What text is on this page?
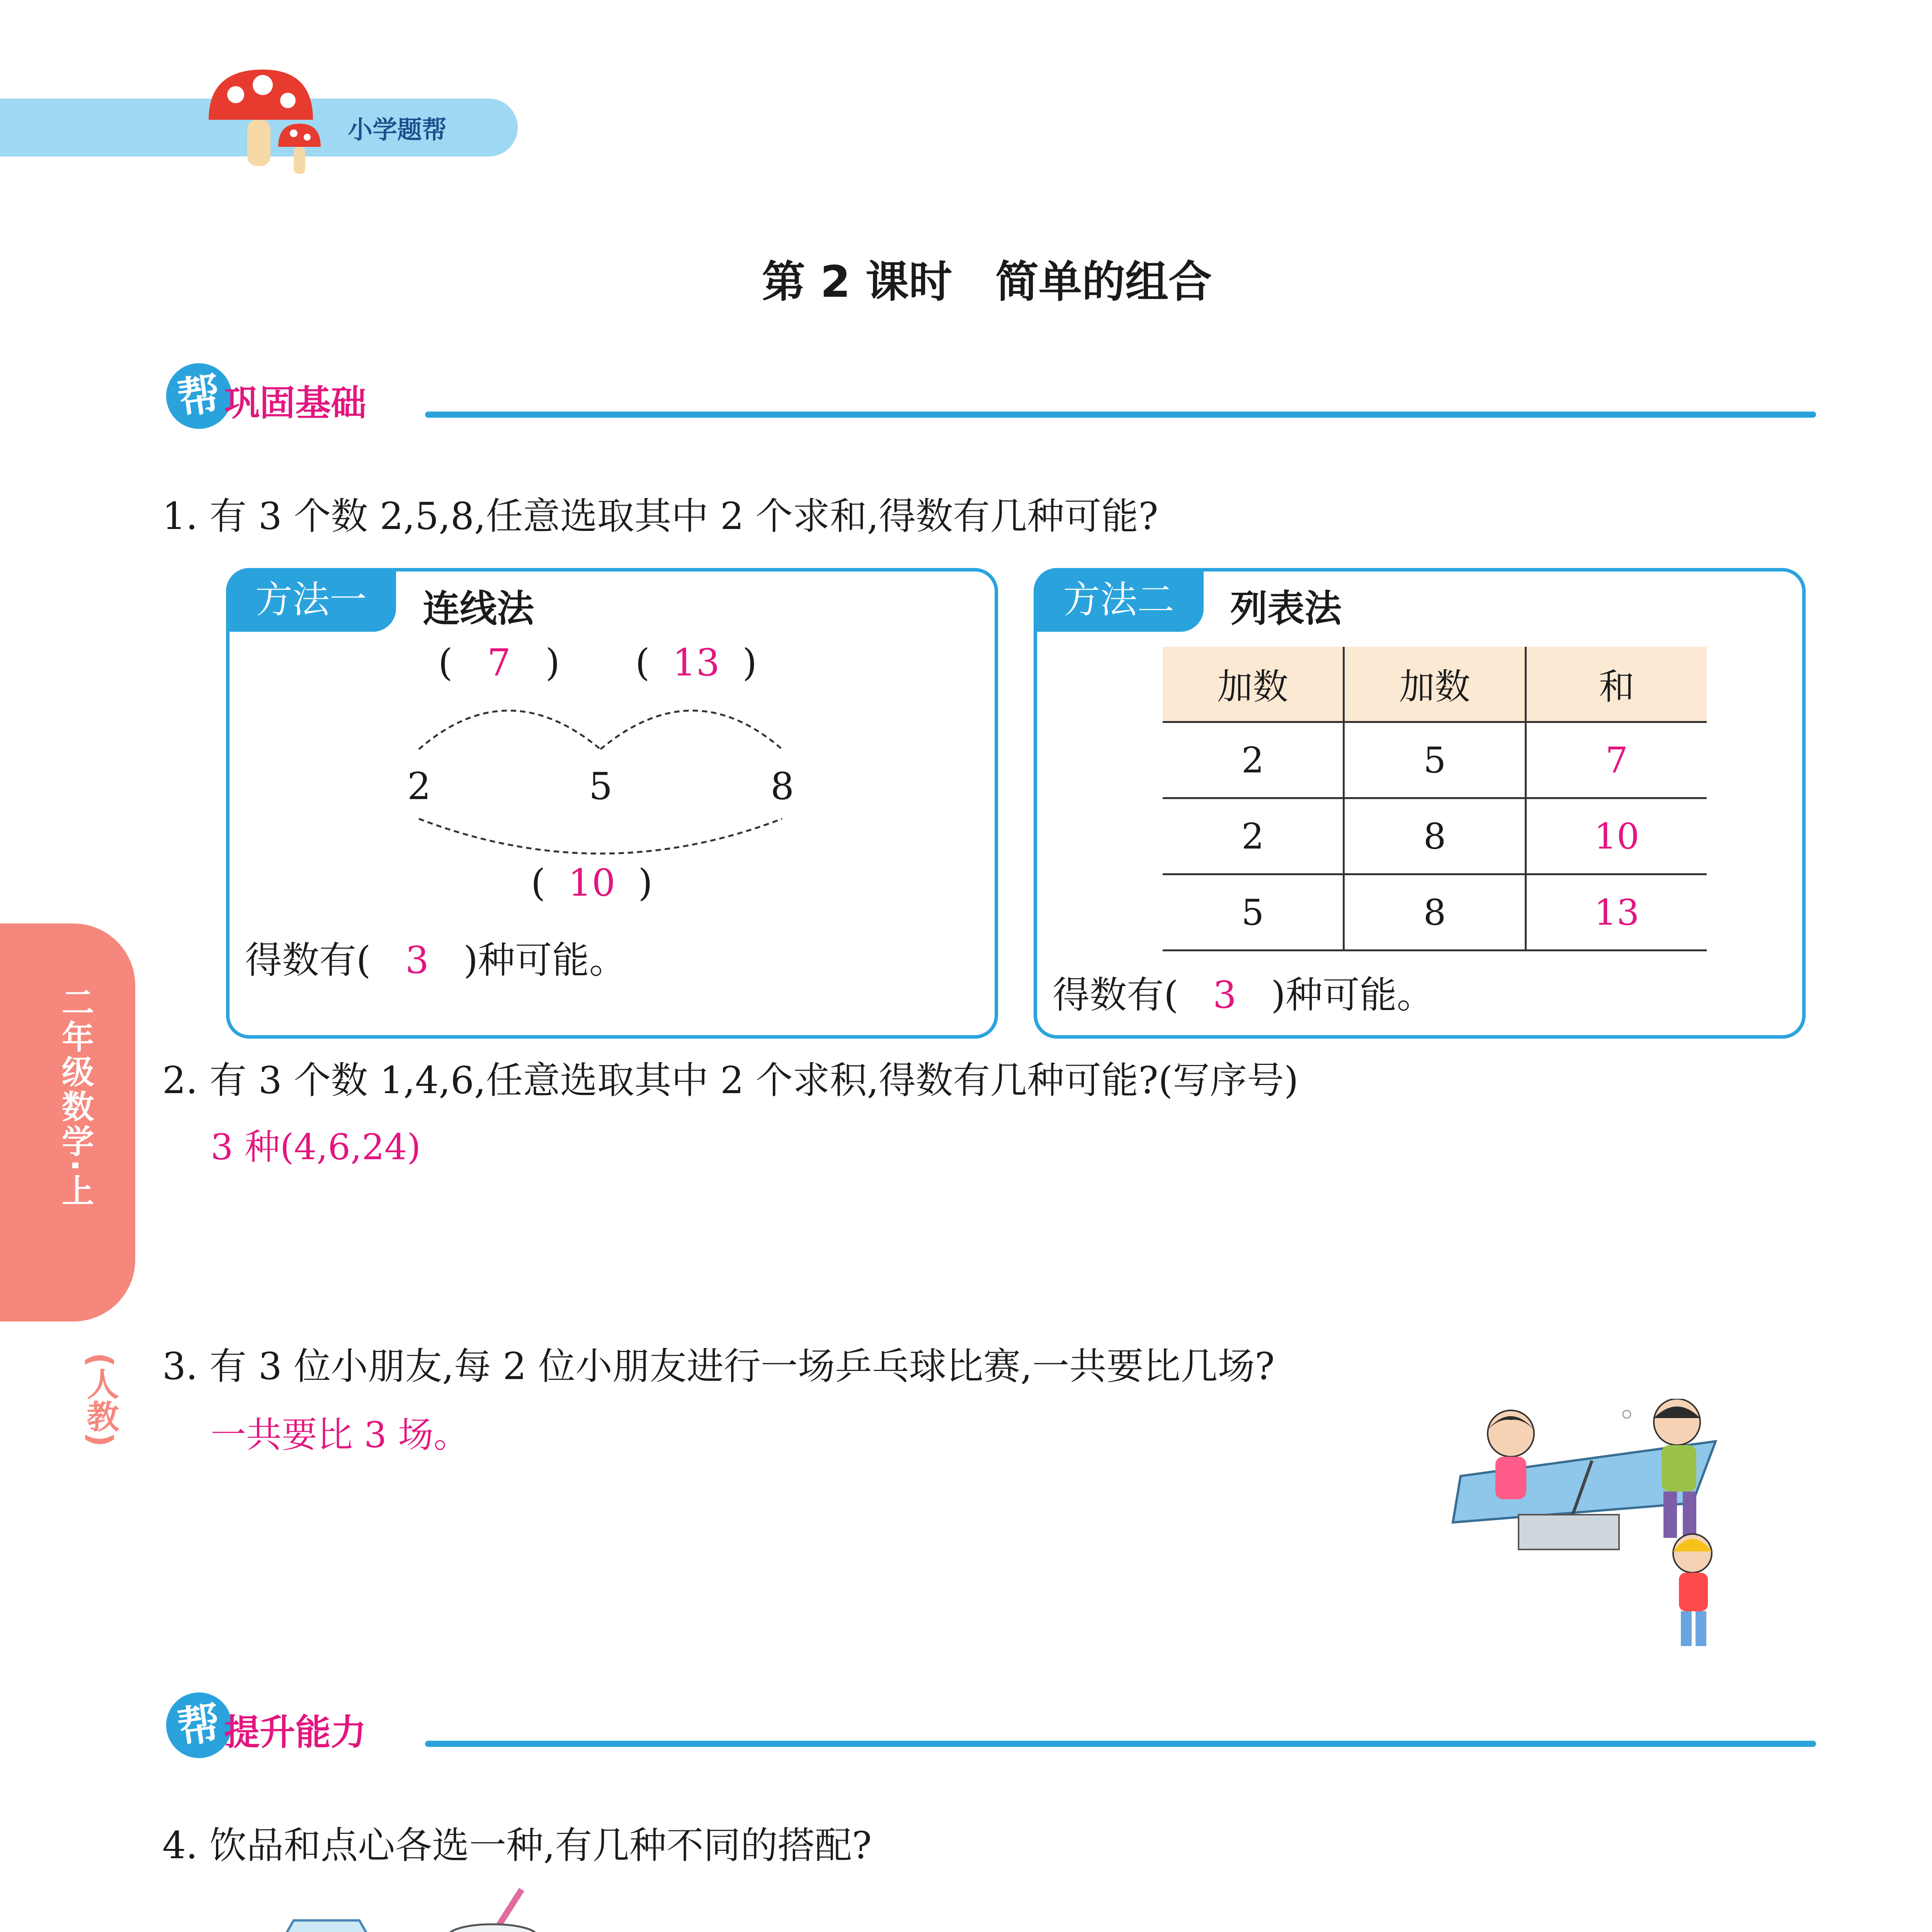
小学题帮
第 2 课时　简单的组合
帮 巩固基础
1. 有 3 个数 2,5,8,任意选取其中 2 个求和,得数有几种可能?
方法一	连线法
( 7 ) ( 13 )
2	5	8
( 10 )
得数有( 3 )种可能。
方法二	列表法
加数	加数	和
2	5	7
2	8	10
5	8	13
得数有( 3 )种可能。
二年级数学·上
(人教)
2. 有 3 个数 1,4,6,任意选取其中 2 个求积,得数有几种可能?(写序号)
3 种(4,6,24)
3. 有 3 位小朋友,每 2 位小朋友进行一场乒乓球比赛,一共要比几场?
一共要比 3 场。
帮 提升能力
4. 饮品和点心各选一种,有几种不同的搭配?
